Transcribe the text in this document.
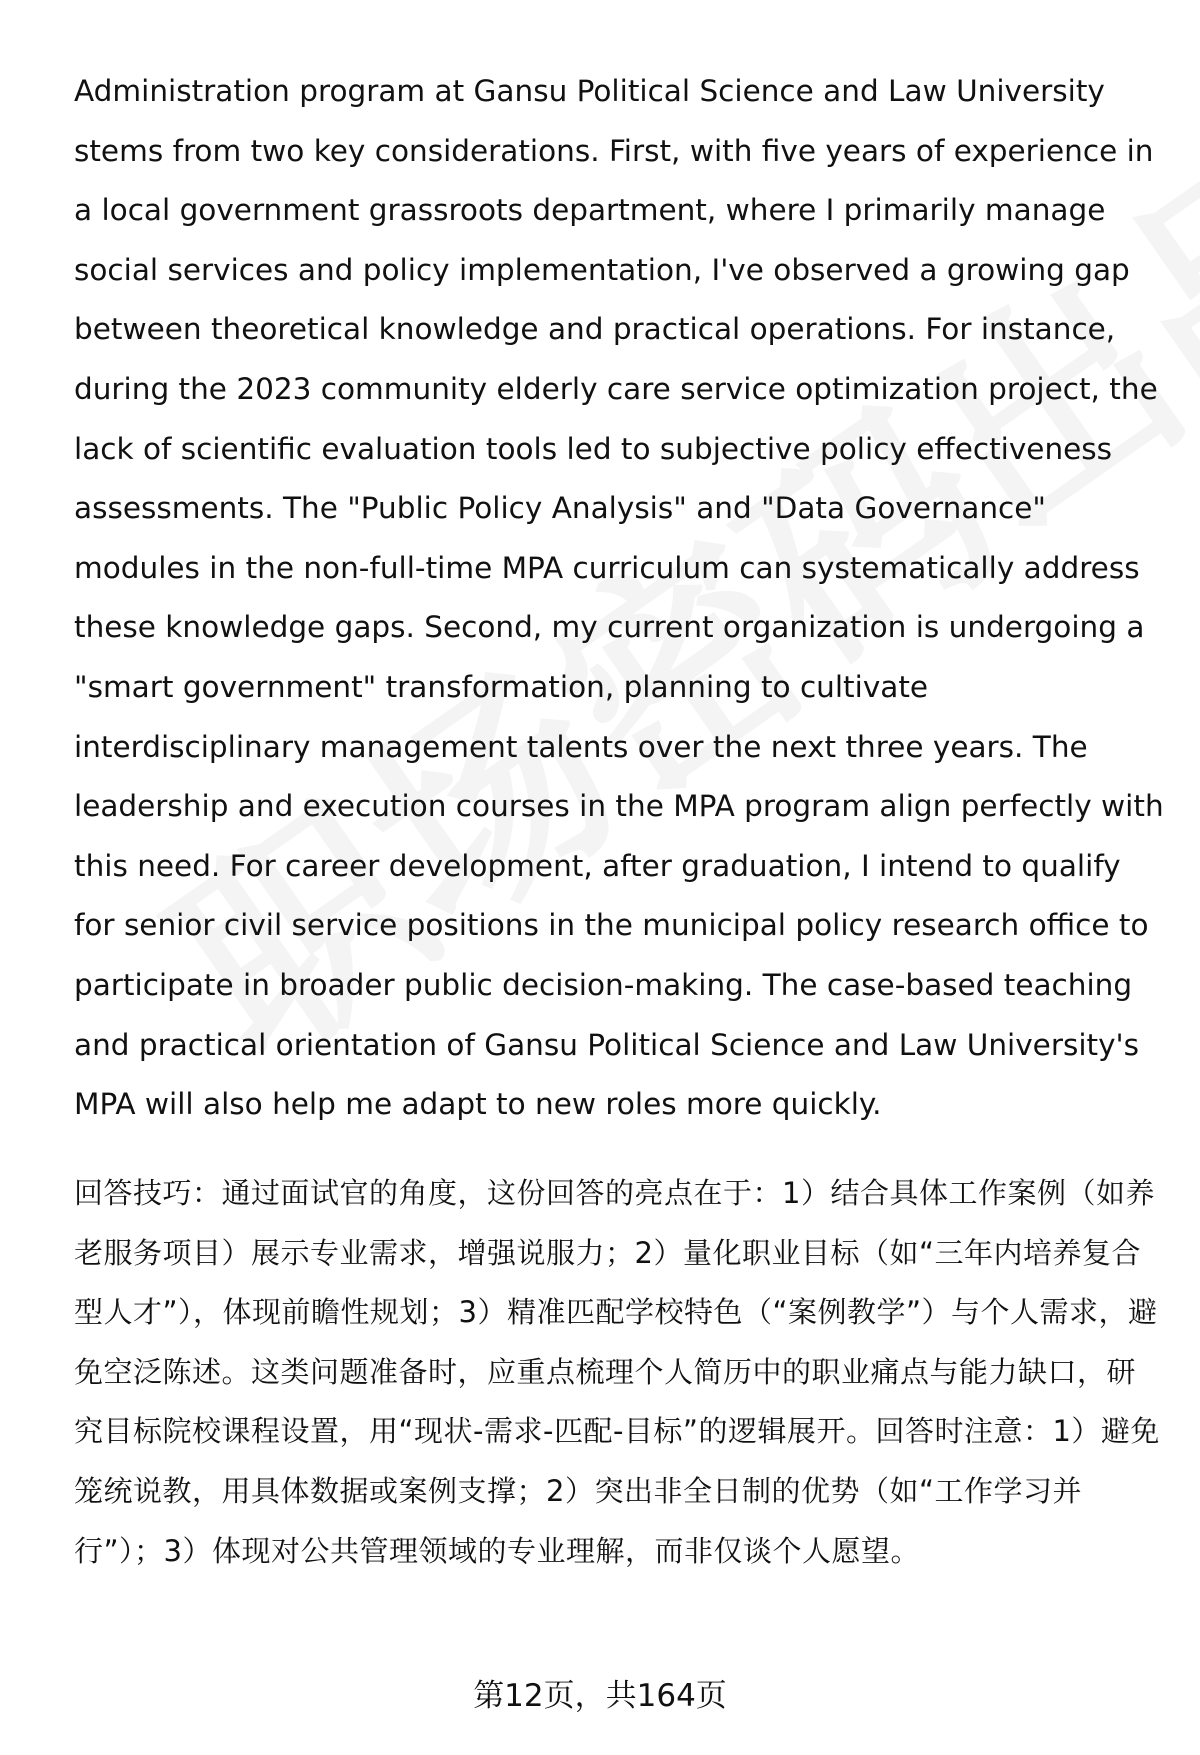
Administration program at Gansu Political Science and Law University stems from two key considerations. First, with five years of experience in a local government grassroots department, where I primarily manage social services and policy implementation, I've observed a growing gap between theoretical knowledge and practical operations. For instance, during the 2023 community elderly care service optimization project, the lack of scientific evaluation tools led to subjective policy effectiveness assessments. The "Public Policy Analysis" and "Data Governance" modules in the non-full-time MPA curriculum can systematically address these knowledge gaps. Second, my current organization is undergoing a "smart government" transformation, planning to cultivate interdisciplinary management talents over the next three years. The leadership and execution courses in the MPA program align perfectly with this need. For career development, after graduation, I intend to qualify for senior civil service positions in the municipal policy research office to participate in broader public decision-making. The case-based teaching and practical orientation of Gansu Political Science and Law University's MPA will also help me adapt to new roles more quickly.

回答技巧：通过面试官的角度，这份回答的亮点在于：1）结合具体工作案例（如养老服务项目）展示专业需求，增强说服力；2）量化职业目标（如“三年内培养复合型人才”），体现前瞻性规划；3）精准匹配学校特色（“案例教学”）与个人需求，避免空泛陈述。这类问题准备时，应重点梳理个人简历中的职业痛点与能力缺口，研究目标院校课程设置，用“现状-需求-匹配-目标”的逻辑展开。回答时注意：1）避免笼统说教，用具体数据或案例支撑；2）突出非全日制的优势（如“工作学习并行”）；3）体现对公共管理领域的专业理解，而非仅谈个人愿望。

第12页，共164页
